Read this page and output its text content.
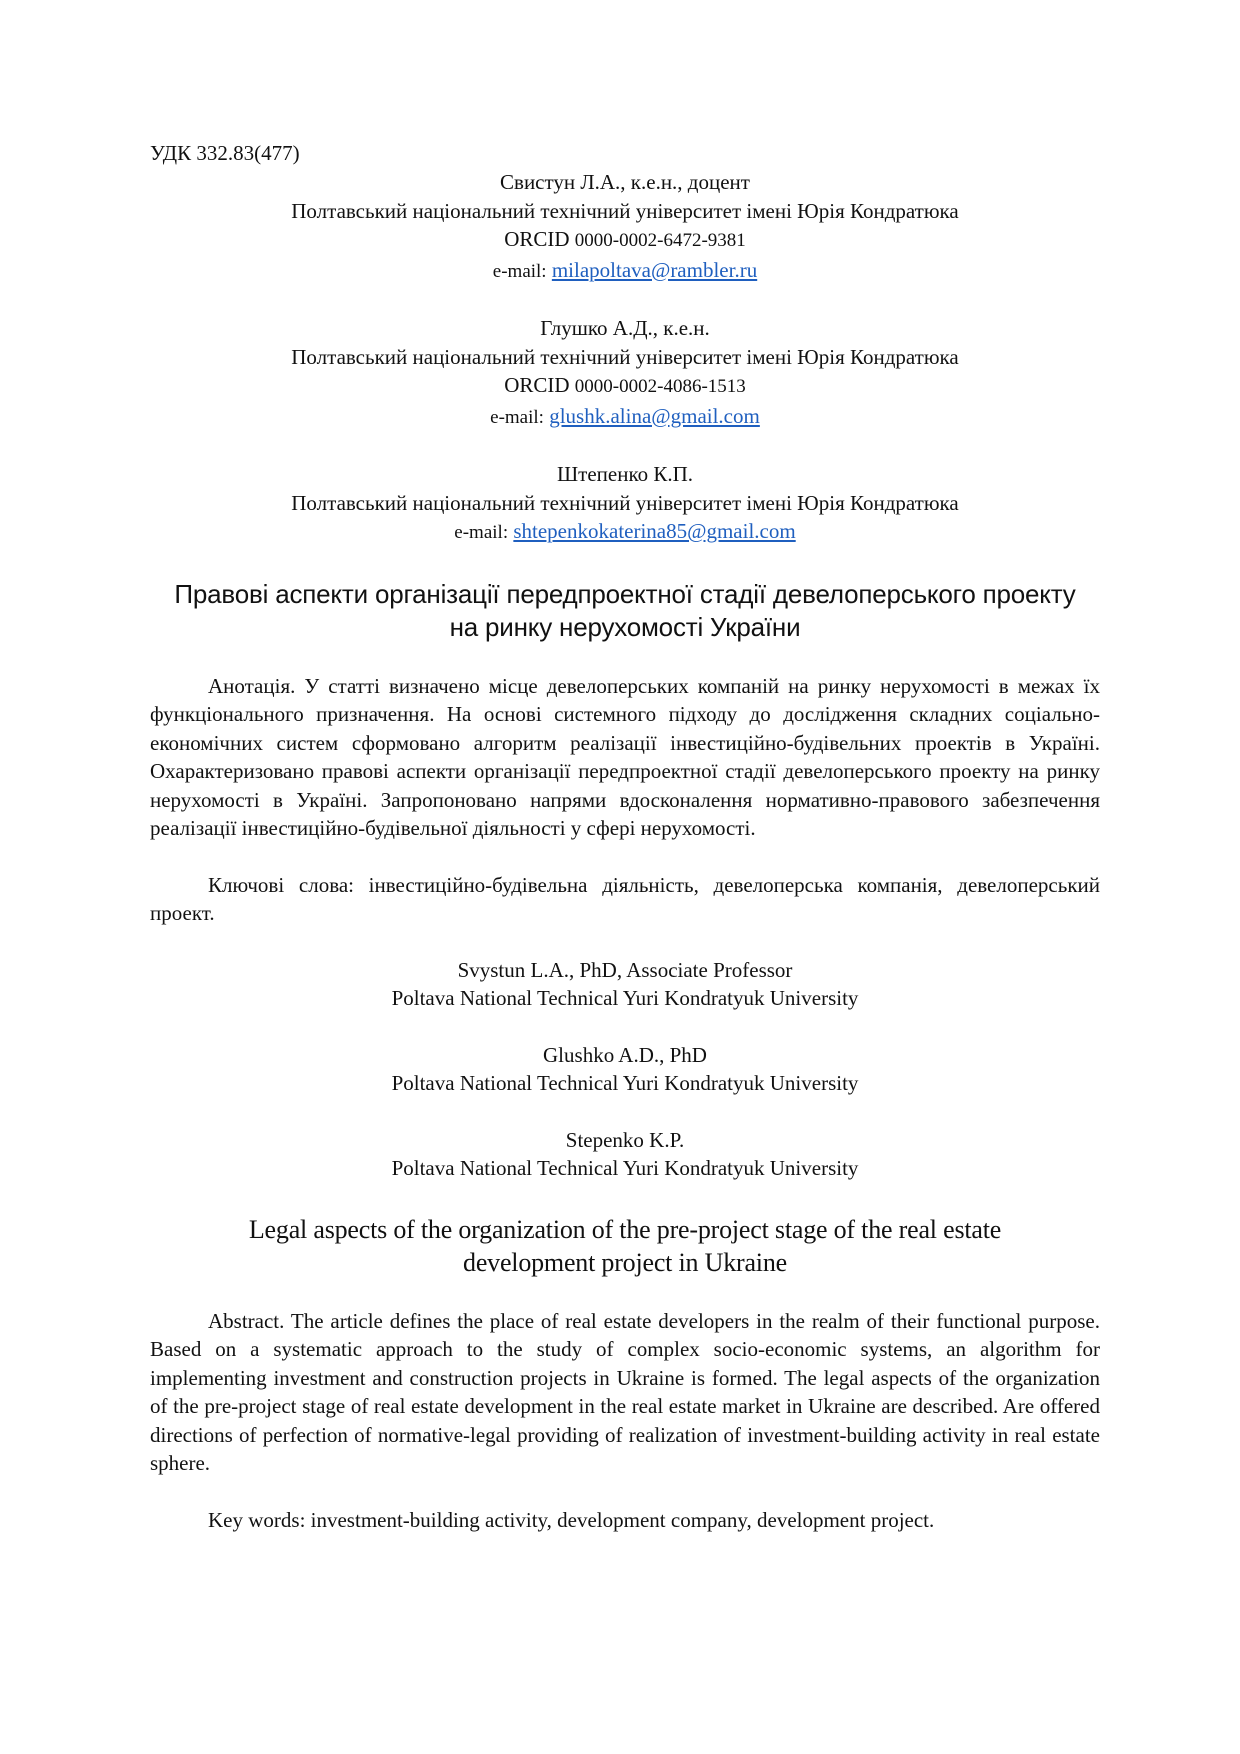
УДК 332.83(477)

Свистун Л.А., к.е.н., доцент
Полтавський національний технічний університет імені Юрія Кондратюка
ORCID 0000-0002-6472-9381
e-mail: milapoltava@rambler.ru
Глушко А.Д., к.е.н.
Полтавський національний технічний університет імені Юрія Кондратюка
ORCID 0000-0002-4086-1513
e-mail: glushk.alina@gmail.com
Штепенко К.П.
Полтавський національний технічний університет імені Юрія Кондратюка
e-mail: shtepenkokaterina85@gmail.com
Правові аспекти організації передпроектної стадії девелоперського проекту
на ринку нерухомості України

Анотація. У статті визначено місце девелоперських компаній на ринку нерухомості в межах їх функціонального призначення. На основі системного підходу до дослідження складних соціально-економічних систем сформовано алгоритм реалізації інвестиційно-будівельних проектів в Україні. Охарактеризовано правові аспекти організації передпроектної стадії девелоперського проекту на ринку нерухомості в Україні. Запропоновано напрями вдосконалення нормативно-правового забезпечення реалізації інвестиційно-будівельної діяльності у сфері нерухомості.

Ключові слова: інвестиційно-будівельна діяльність, девелоперська компанія, девелоперський проект.

Svystun L.A., PhD, Associate Professor
Poltava National Technical Yuri Kondratyuk University
Glushko A.D., PhD
Poltava National Technical Yuri Kondratyuk University
Stepenko K.P.
Poltava National Technical Yuri Kondratyuk University
Legal aspects of the organization of the pre-project stage of the real estate
development project in Ukraine

Abstract. The article defines the place of real estate developers in the realm of their functional purpose. Based on a systematic approach to the study of complex socio-economic systems, an algorithm for implementing investment and construction projects in Ukraine is formed. The legal aspects of the organization of the pre-project stage of real estate development in the real estate market in Ukraine are described. Are offered directions of perfection of normative-legal providing of realization of investment-building activity in real estate sphere.

Key words: investment-building activity, development company, development project.
